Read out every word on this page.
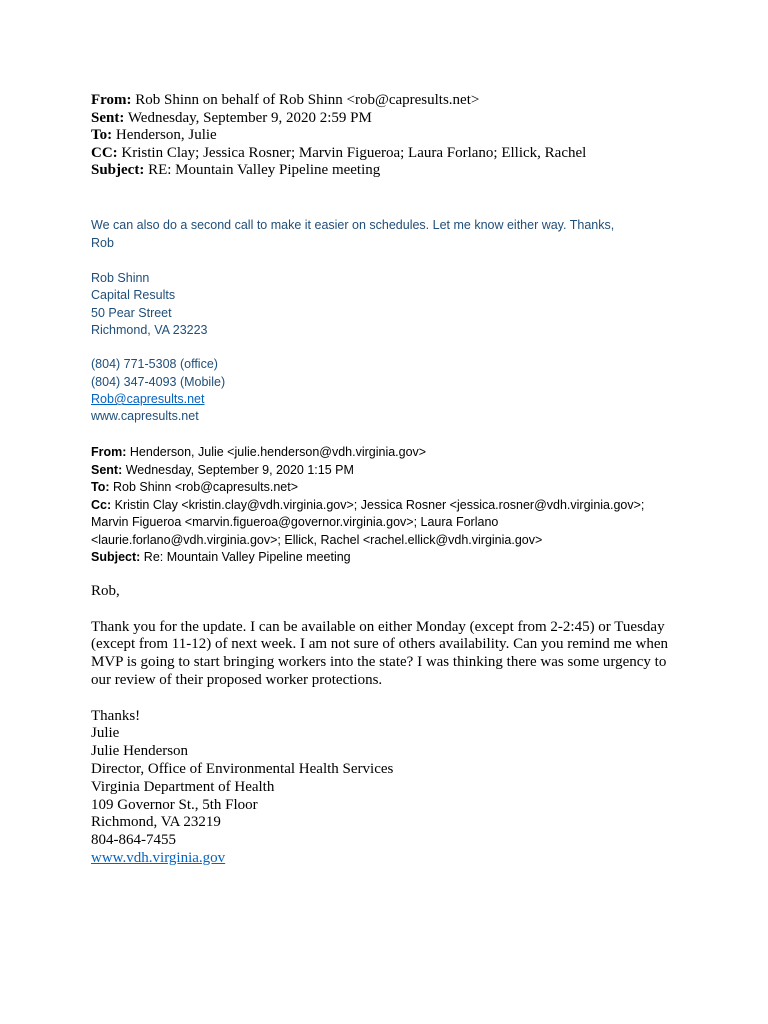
From: Rob Shinn on behalf of Rob Shinn <rob@capresults.net>
Sent: Wednesday, September 9, 2020 2:59 PM
To: Henderson, Julie
CC: Kristin Clay; Jessica Rosner; Marvin Figueroa; Laura Forlano; Ellick, Rachel
Subject: RE: Mountain Valley Pipeline meeting
We can also do a second call to make it easier on schedules. Let me know either way. Thanks,
Rob
Rob Shinn
Capital Results
50 Pear Street
Richmond, VA 23223
(804) 771-5308 (office)
(804) 347-4093 (Mobile)
Rob@capresults.net
www.capresults.net
From: Henderson, Julie <julie.henderson@vdh.virginia.gov>
Sent: Wednesday, September 9, 2020 1:15 PM
To: Rob Shinn <rob@capresults.net>
Cc: Kristin Clay <kristin.clay@vdh.virginia.gov>; Jessica Rosner <jessica.rosner@vdh.virginia.gov>;
Marvin Figueroa <marvin.figueroa@governor.virginia.gov>; Laura Forlano
<laurie.forlano@vdh.virginia.gov>; Ellick, Rachel <rachel.ellick@vdh.virginia.gov>
Subject: Re: Mountain Valley Pipeline meeting

Rob,

Thank you for the update. I can be available on either Monday (except from 2-2:45) or Tuesday (except from 11-12) of next week. I am not sure of others availability. Can you remind me when MVP is going to start bringing workers into the state? I was thinking there was some urgency to our review of their proposed worker protections.

Thanks!
Julie
Julie Henderson
Director, Office of Environmental Health Services
Virginia Department of Health
109 Governor St., 5th Floor
Richmond, VA 23219
804-864-7455
www.vdh.virginia.gov
